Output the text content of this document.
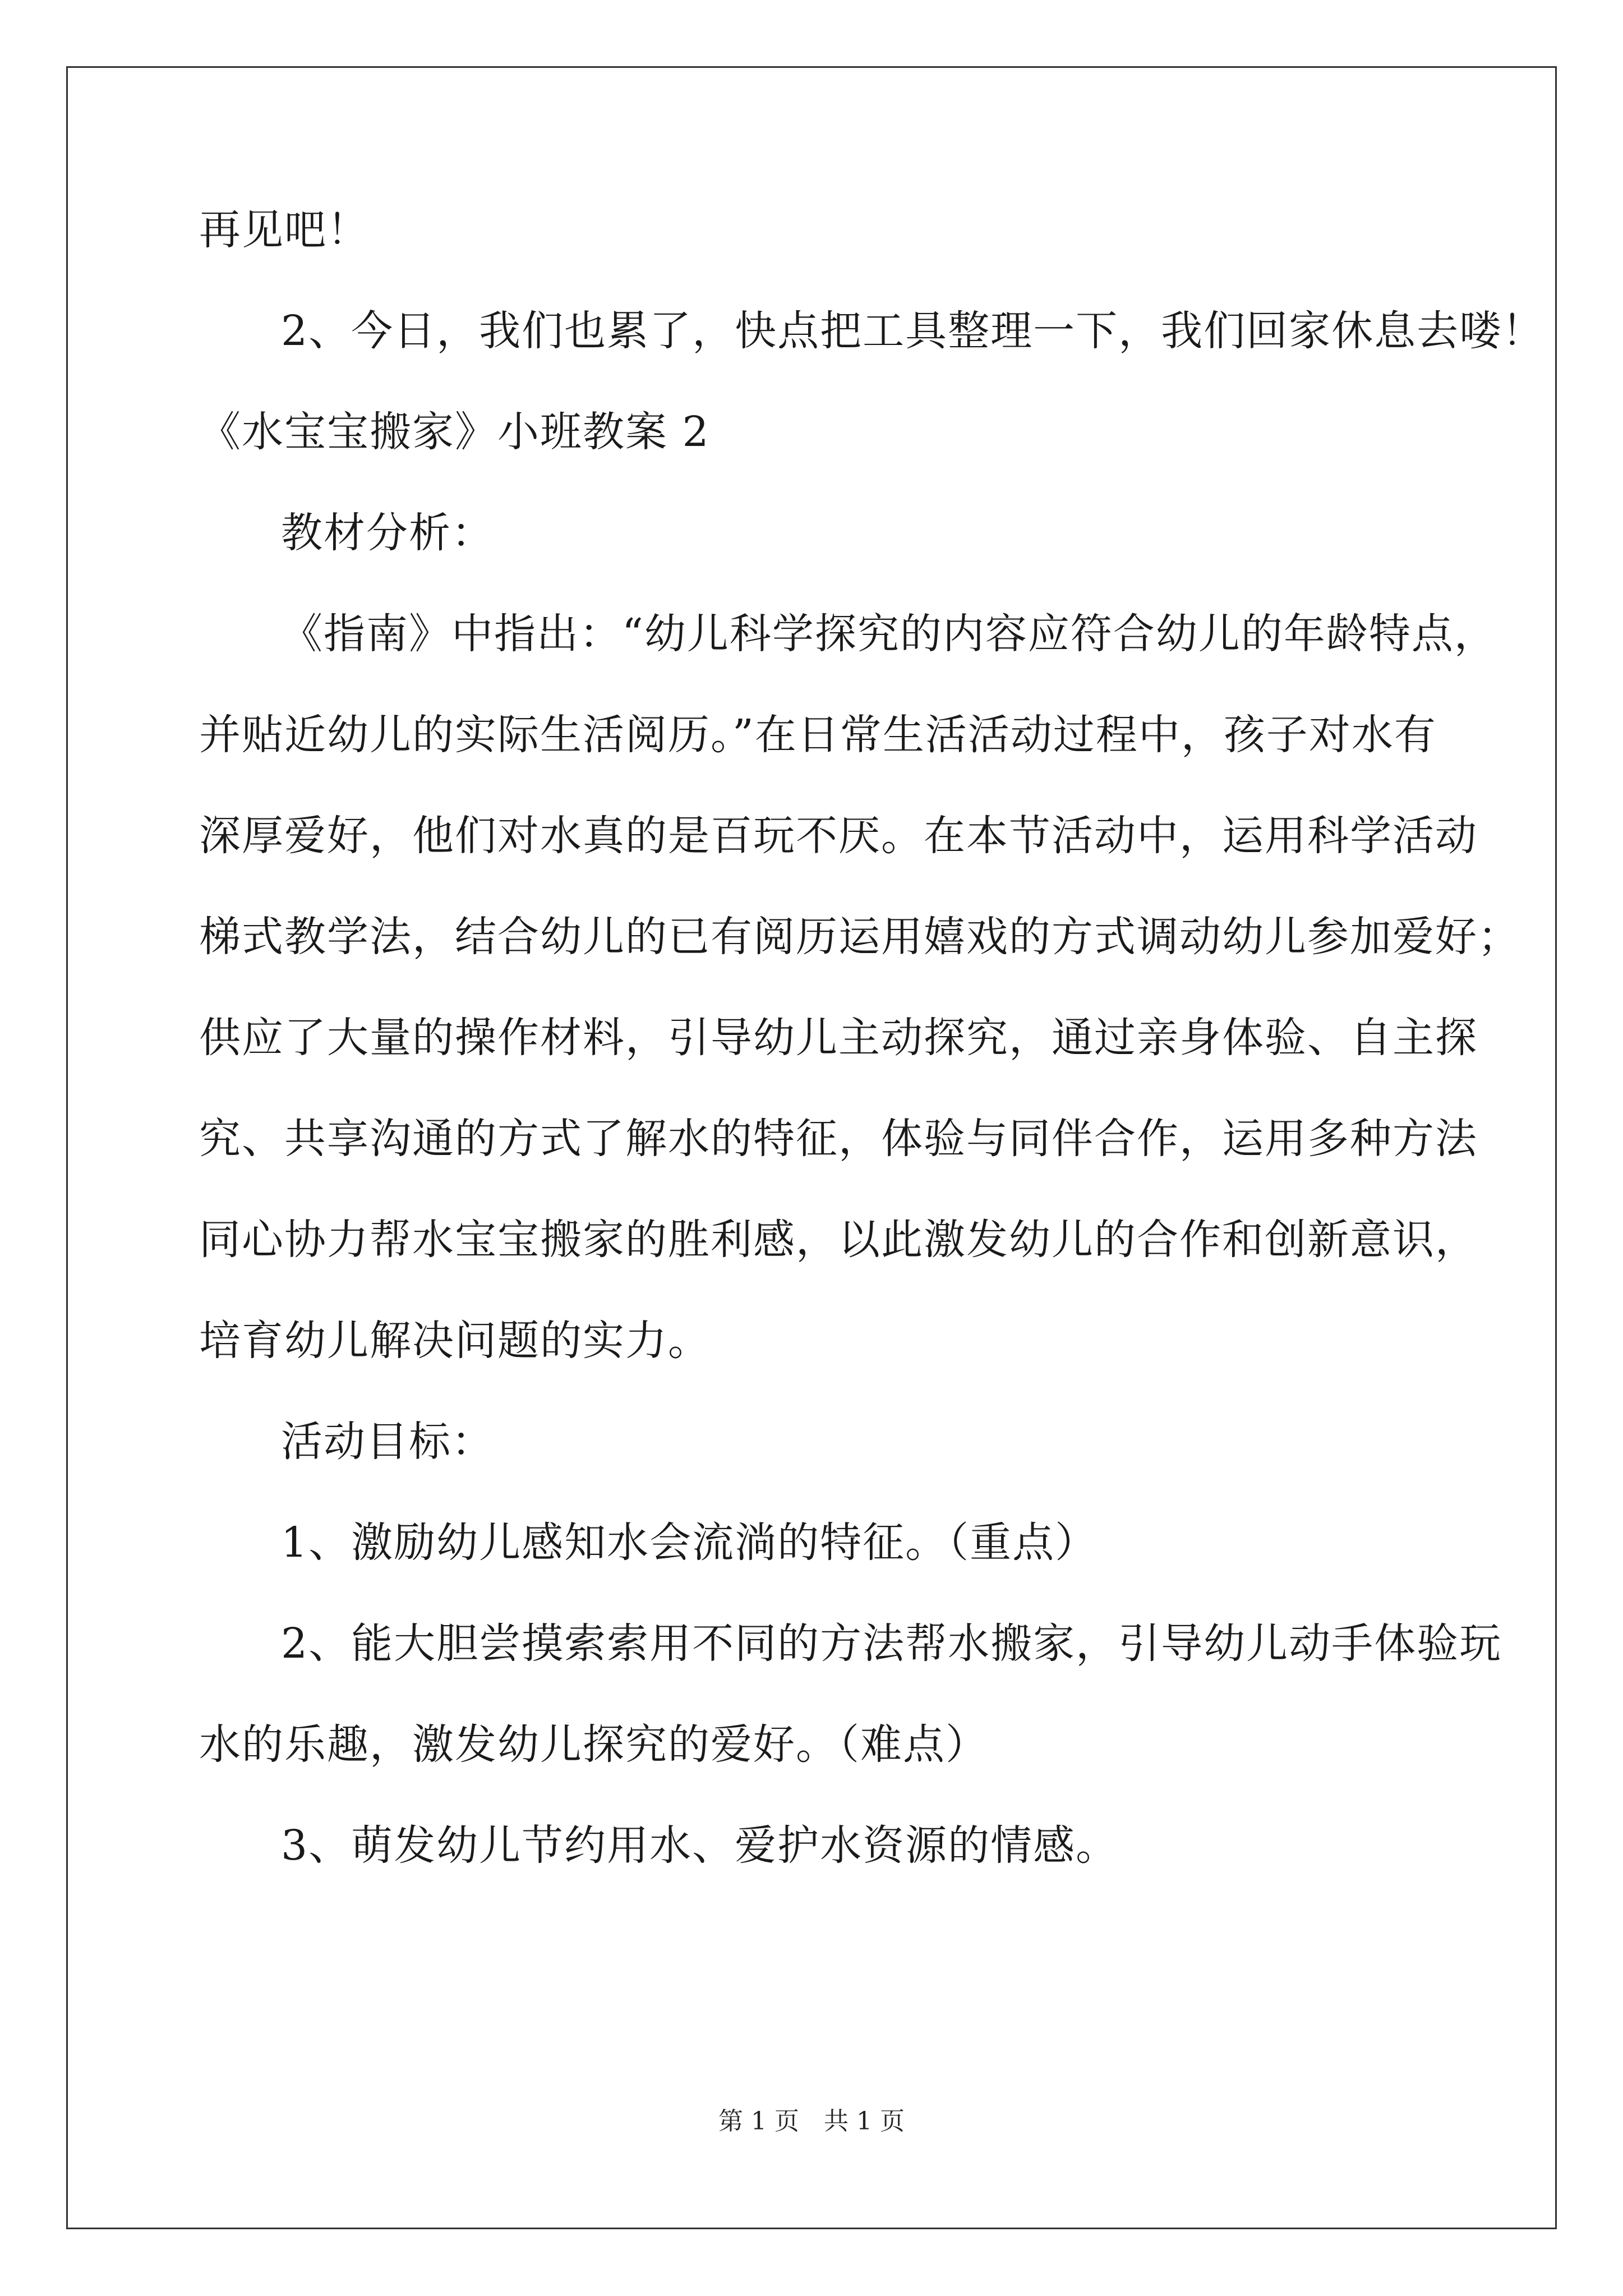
再见吧！
2、今日，我们也累了，快点把工具整理一下，我们回家休息去喽！
《水宝宝搬家》小班教案 2
教材分析：
《指南》中指出：“幼儿科学探究的内容应符合幼儿的年龄特点，
并贴近幼儿的实际生活阅历。”在日常生活活动过程中，孩子对水有
深厚爱好，他们对水真的是百玩不厌。在本节活动中，运用科学活动
梯式教学法，结合幼儿的已有阅历运用嬉戏的方式调动幼儿参加爱好；
供应了大量的操作材料，引导幼儿主动探究，通过亲身体验、自主探
究、共享沟通的方式了解水的特征，体验与同伴合作，运用多种方法
同心协力帮水宝宝搬家的胜利感，以此激发幼儿的合作和创新意识，
培育幼儿解决问题的实力。
活动目标：
1、激励幼儿感知水会流淌的特征。（重点）
2、能大胆尝摸索索用不同的方法帮水搬家，引导幼儿动手体验玩
水的乐趣，激发幼儿探究的爱好。（难点）
3、萌发幼儿节约用水、爱护水资源的情感。
第 1 页　共 1 页
